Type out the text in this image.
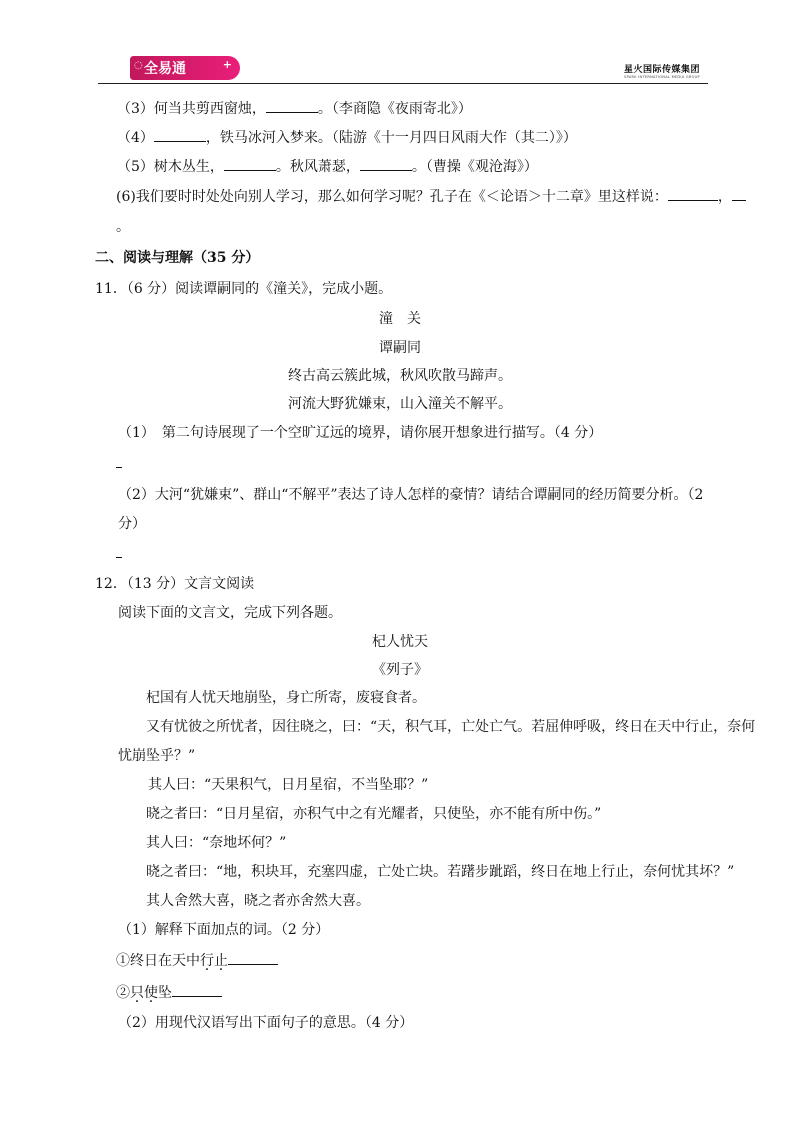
◌ 全易通	+	星火国际传媒集团
SPARK INTERNATIONAL MEDIA GROUP
（3）何当共剪西窗烛，	。（李商隐《夜雨寄北》）
（4）	，铁马冰河入梦来。（陆游《十一月四日风雨大作（其二）》）
（5）树木丛生，	。秋风萧瑟，	。（曹操《观沧海》）
(6)我们要时时处处向别人学习，那么如何学习呢？孔子在《＜论语＞十二章》里这样说：	，
。
二、阅读与理解（35 分）
11．（6 分）阅读谭嗣同的《潼关》，完成小题。
潼　关
谭嗣同
终古高云簇此城，秋风吹散马蹄声。
河流大野犹嫌束，山入潼关不解平。
（1）　第二句诗展现了一个空旷辽远的境界，请你展开想象进行描写。（4 分）
（2）大河“犹嫌束”、群山“不解平”表达了诗人怎样的豪情？请结合谭嗣同的经历简要分析。（2
分）
12．（13 分）文言文阅读
阅读下面的文言文，完成下列各题。
杞人忧天
《列子》
杞国有人忧天地崩坠，身亡所寄，废寝食者。
又有忧彼之所忧者，因往晓之，曰：“天，积气耳，亡处亡气。若屈伸呼吸，终日在天中行止，奈何
忧崩坠乎？”
其人曰：“天果积气，日月星宿，不当坠耶？”
晓之者曰：“日月星宿，亦积气中之有光耀者，只使坠，亦不能有所中伤。”
其人曰：“奈地坏何？”
晓之者曰：“地，积块耳，充塞四虚，亡处亡块。若躇步跐蹈，终日在地上行止，奈何忧其坏？”
其人舍然大喜，晓之者亦舍然大喜。
（1）解释下面加点的词。（2 分）
①终日在天中行止
②只使坠
（2）用现代汉语写出下面句子的意思。（4 分）
